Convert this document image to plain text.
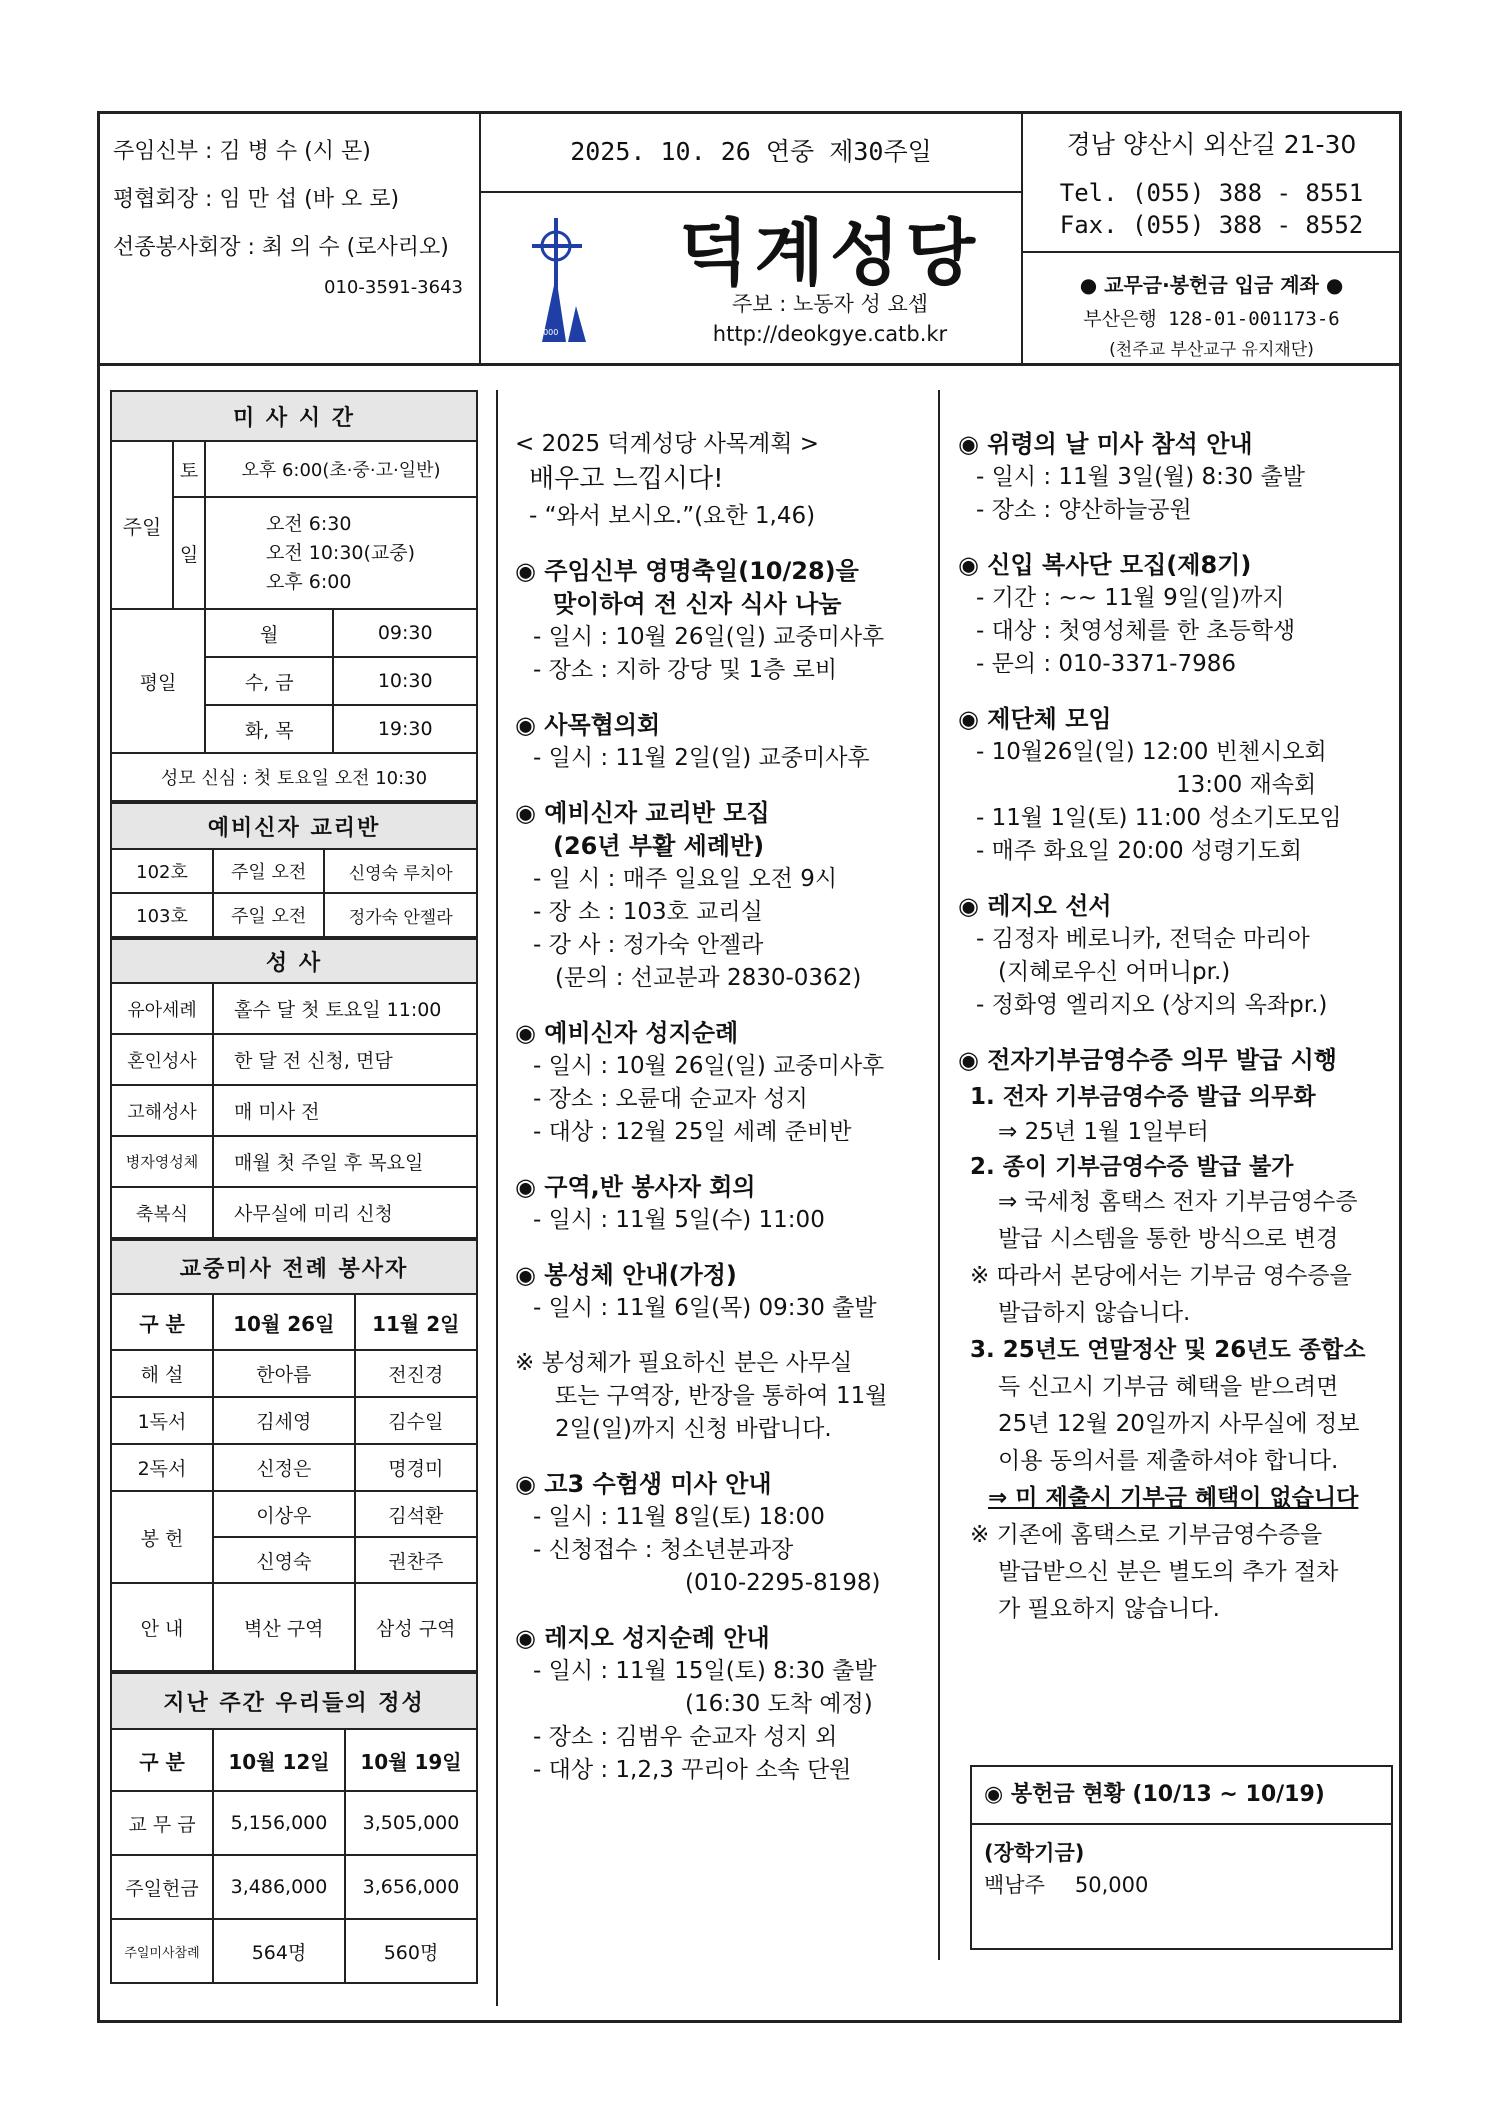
주임신부 : 김 병 수 (시 몬)
평협회장 : 임 만 섭 (바 오 로)
선종봉사회장 : 최 의 수 (로사리오)
010-3591-3643
2025. 10. 26 연중 제30주일
2000
덕계성당
주보 : 노동자 성 요셉
http://deokgye.catb.kr
경남 양산시 외산길 21-30
Tel. (055) 388 - 8551
Fax. (055) 388 - 8552
● 교무금·봉헌금 입금 계좌 ●
부산은행 128-01-001173-6
(천주교 부산교구 유지재단)
미 사 시 간			
주일	토	오후 6:00(초·중·고·일반)	
	일	오전 6:30
오전 10:30(교중)
오후 6:00	

평일		월	09:30
		수, 금	10:30
		화, 목	19:30
성모 신심 : 첫 토요일 오전 10:30			
예비신자 교리반		
102호	주일 오전	신영숙 루치아
103호	주일 오전	정가숙 안젤라
성 사	
유아세례	홀수 달 첫 토요일 11:00
혼인성사	한 달 전 신청, 면담
고해성사	매 미사 전
병자영성체	매월 첫 주일 후 목요일
축복식	사무실에 미리 신청
교중미사 전례 봉사자		
구 분	10월 26일	11월 2일
해 설	한아름	전진경
1독서	김세영	김수일
2독서	신정은	명경미
봉 헌	이상우	김석환
	신영숙	권찬주
안 내	벽산 구역	삼성 구역
지난 주간 우리들의 정성		
구 분	10월 12일	10월 19일
교 무 금	5,156,000	3,505,000
주일헌금	3,486,000	3,656,000
주일미사참례	564명	560명
< 2025 덕계성당 사목계획 >
배우고 느낍시다!
- “와서 보시오.”(요한 1,46)
◉ 주임신부 영명축일(10/28)을
맞이하여 전 신자 식사 나눔
- 일시 : 10월 26일(일) 교중미사후
- 장소 : 지하 강당 및 1층 로비
◉ 사목협의회
- 일시 : 11월 2일(일) 교중미사후
◉ 예비신자 교리반 모집
(26년 부활 세례반)
- 일 시 : 매주 일요일 오전 9시
- 장 소 : 103호 교리실
- 강 사 : 정가숙 안젤라
(문의 : 선교분과 2830-0362)
◉ 예비신자 성지순례
- 일시 : 10월 26일(일) 교중미사후
- 장소 : 오륜대 순교자 성지
- 대상 : 12월 25일 세례 준비반
◉ 구역,반 봉사자 회의
- 일시 : 11월 5일(수) 11:00
◉ 봉성체 안내(가정)
- 일시 : 11월 6일(목) 09:30 출발
※ 봉성체가 필요하신 분은 사무실
또는 구역장, 반장을 통하여 11월
2일(일)까지 신청 바랍니다.
◉ 고3 수험생 미사 안내
- 일시 : 11월 8일(토) 18:00
- 신청접수 : 청소년분과장
(010-2295-8198)
◉ 레지오 성지순례 안내
- 일시 : 11월 15일(토) 8:30 출발
(16:30 도착 예정)
- 장소 : 김범우 순교자 성지 외
- 대상 : 1,2,3 꾸리아 소속 단원
◉ 위령의 날 미사 참석 안내
- 일시 : 11월 3일(월) 8:30 출발
- 장소 : 양산하늘공원
◉ 신입 복사단 모집(제8기)
- 기간 : ~~ 11월 9일(일)까지
- 대상 : 첫영성체를 한 초등학생
- 문의 : 010-3371-7986
◉ 제단체 모임
- 10월26일(일) 12:00 빈첸시오회
13:00 재속회
- 11월 1일(토) 11:00 성소기도모임
- 매주 화요일 20:00 성령기도회
◉ 레지오 선서
- 김정자 베로니카, 전덕순 마리아
(지혜로우신 어머니pr.)
- 정화영 엘리지오 (상지의 옥좌pr.)
◉ 전자기부금영수증 의무 발급 시행
1. 전자 기부금영수증 발급 의무화
⇒ 25년 1월 1일부터
2. 종이 기부금영수증 발급 불가
⇒ 국세청 홈택스 전자 기부금영수증
발급 시스템을 통한 방식으로 변경
※ 따라서 본당에서는 기부금 영수증을
발급하지 않습니다.
3. 25년도 연말정산 및 26년도 종합소
득 신고시 기부금 혜택을 받으려면
25년 12월 20일까지 사무실에 정보
이용 동의서를 제출하셔야 합니다.
⇒ 미 제출시 기부금 혜택이 없습니다
※ 기존에 홈택스로 기부금영수증을
발급받으신 분은 별도의 추가 절차
가 필요하지 않습니다.
◉ 봉헌금 현황 (10/13 ~ 10/19)
(장학기금)
백남주 50,000
